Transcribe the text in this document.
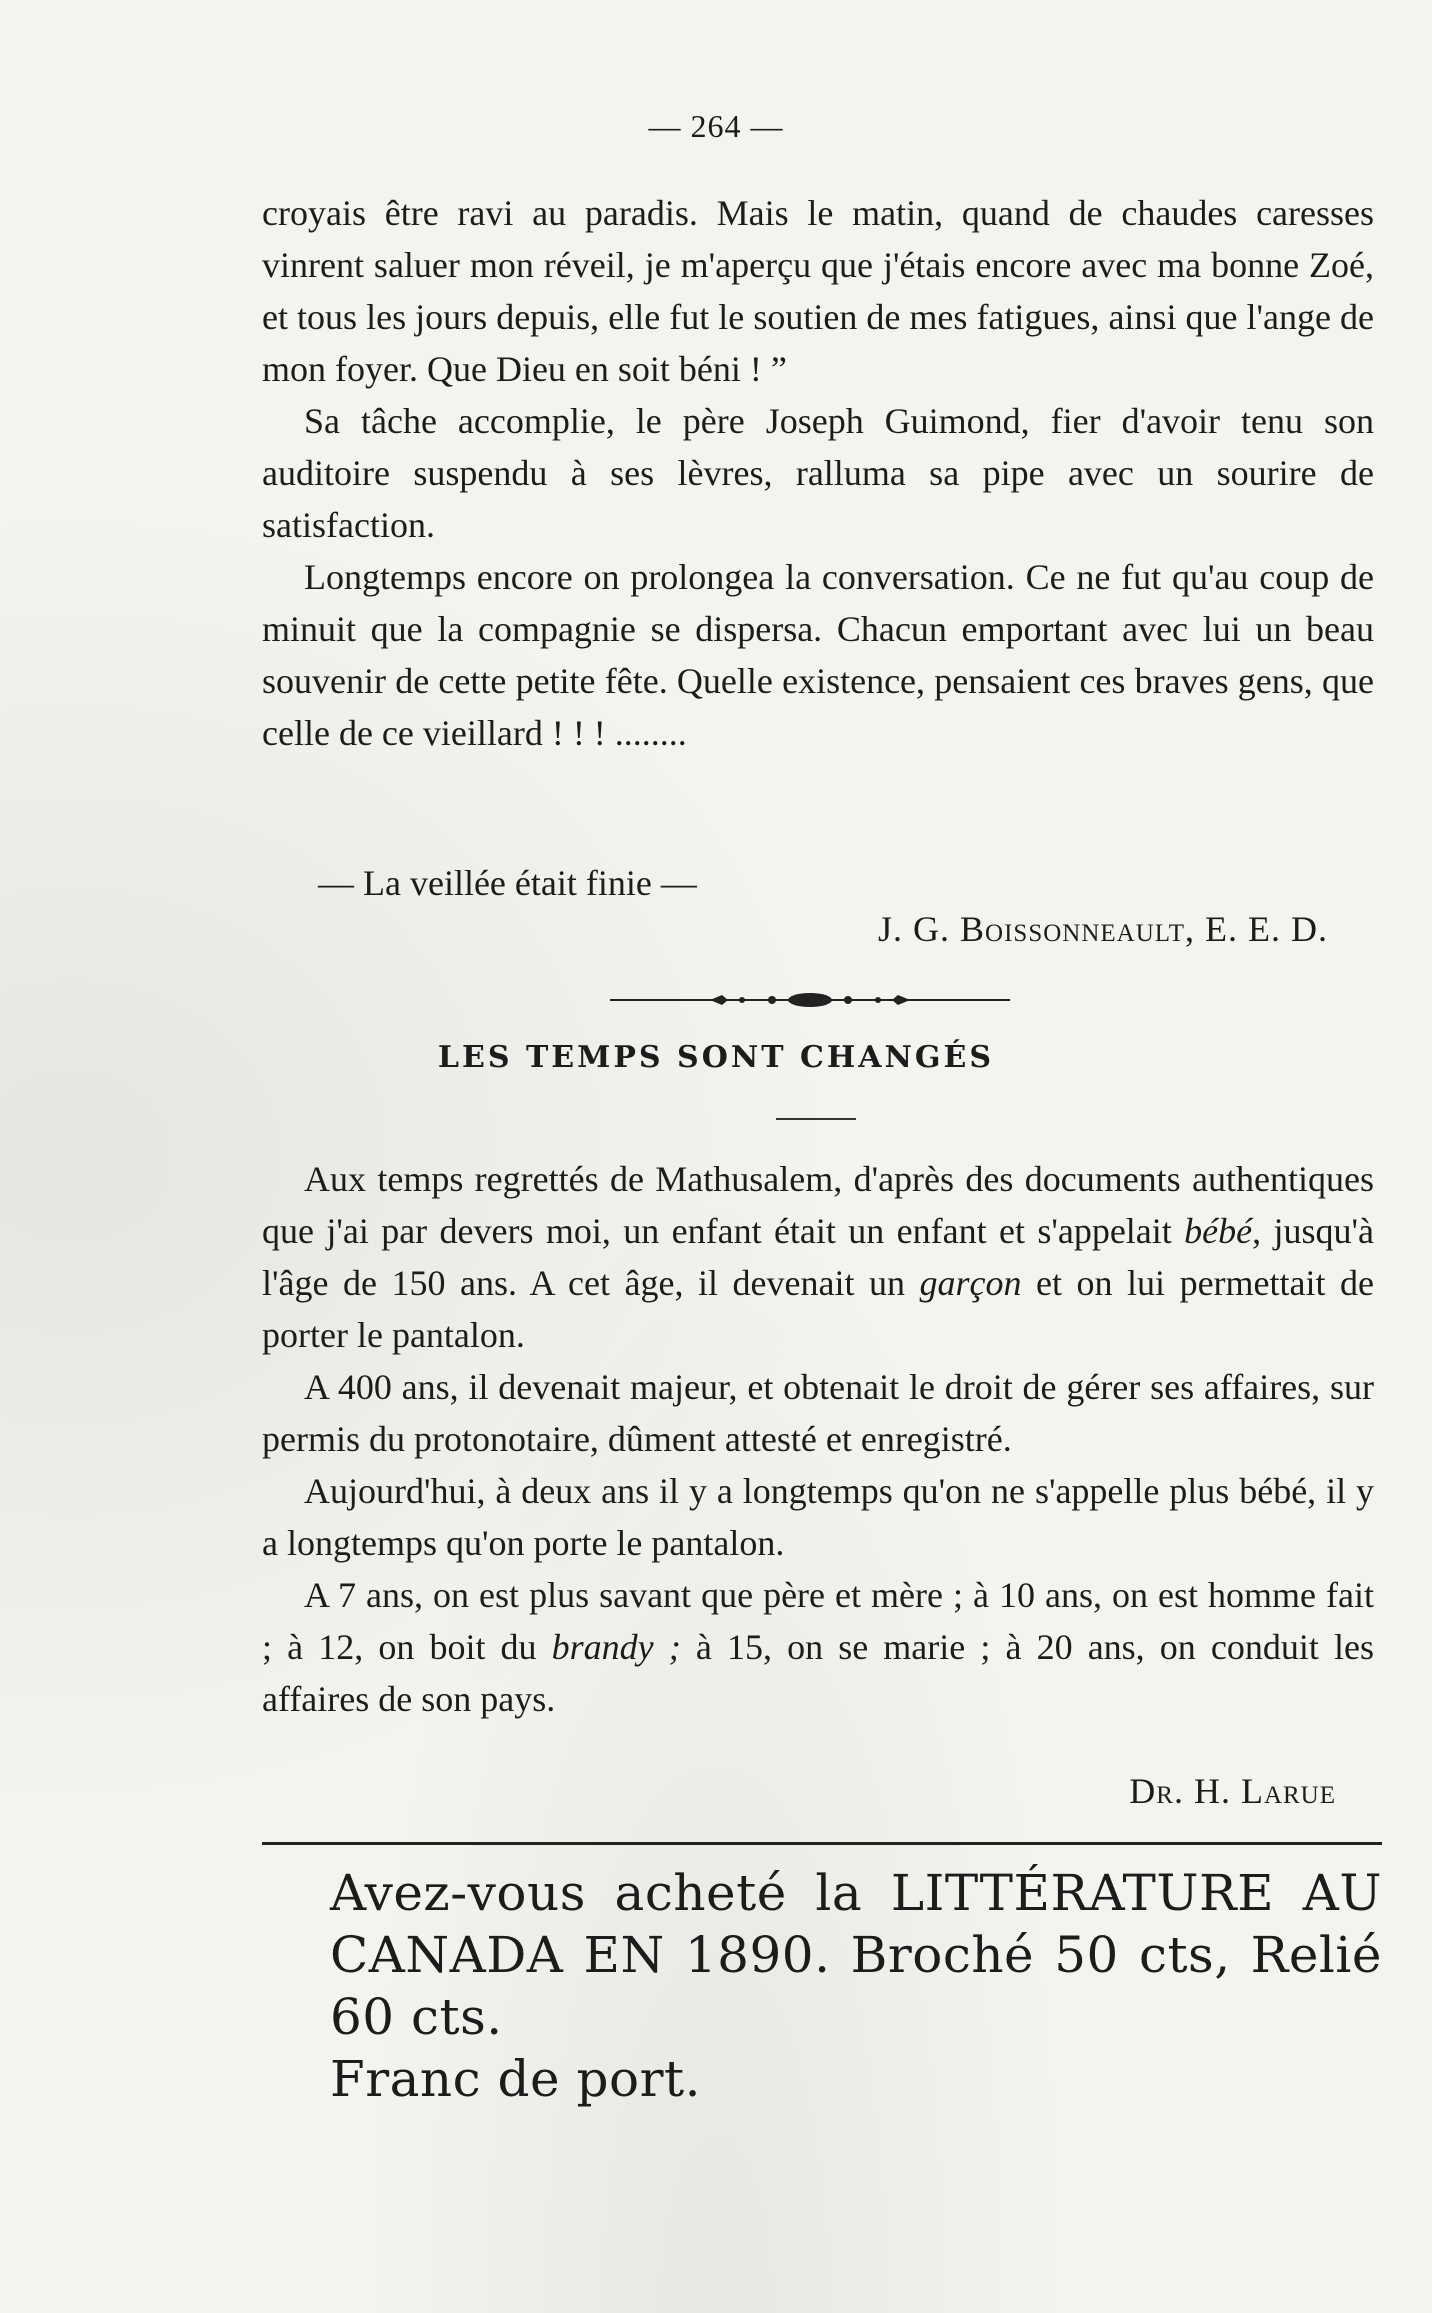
— 264 —

croyais être ravi au paradis. Mais le matin, quand de chaudes caresses vinrent saluer mon réveil, je m'aperçu que j'étais encore avec ma bonne Zoé, et tous les jours depuis, elle fut le soutien de mes fatigues, ainsi que l'ange de mon foyer. Que Dieu en soit béni ! ”

Sa tâche accomplie, le père Joseph Guimond, fier d'avoir tenu son auditoire suspendu à ses lèvres, ralluma sa pipe avec un sourire de satisfaction.

Longtemps encore on prolongea la conversation. Ce ne fut qu'au coup de minuit que la compagnie se dispersa. Chacun emportant avec lui un beau souvenir de cette petite fête. Quelle existence, pensaient ces braves gens, que celle de ce vieillard ! ! ! ........

— La veillée était finie —
J. G. Boissonneault, E. E. D.
LES TEMPS SONT CHANGÉS

Aux temps regrettés de Mathusalem, d'après des documents authentiques que j'ai par devers moi, un enfant était un enfant et s'appelait bébé, jusqu'à l'âge de 150 ans. A cet âge, il devenait un garçon et on lui permettait de porter le pantalon.

A 400 ans, il devenait majeur, et obtenait le droit de gérer ses affaires, sur permis du protonotaire, dûment attesté et enregistré.

Aujourd'hui, à deux ans il y a longtemps qu'on ne s'appelle plus bébé, il y a longtemps qu'on porte le pantalon.

A 7 ans, on est plus savant que père et mère ; à 10 ans, on est homme fait ; à 12, on boit du brandy ; à 15, on se marie ; à 20 ans, on conduit les affaires de son pays.

Dr. H. Larue
Avez-vous acheté la LITTÉRATURE AU CANADA EN 1890. Broché 50 cts, Relié 60 cts.
Franc de port.
